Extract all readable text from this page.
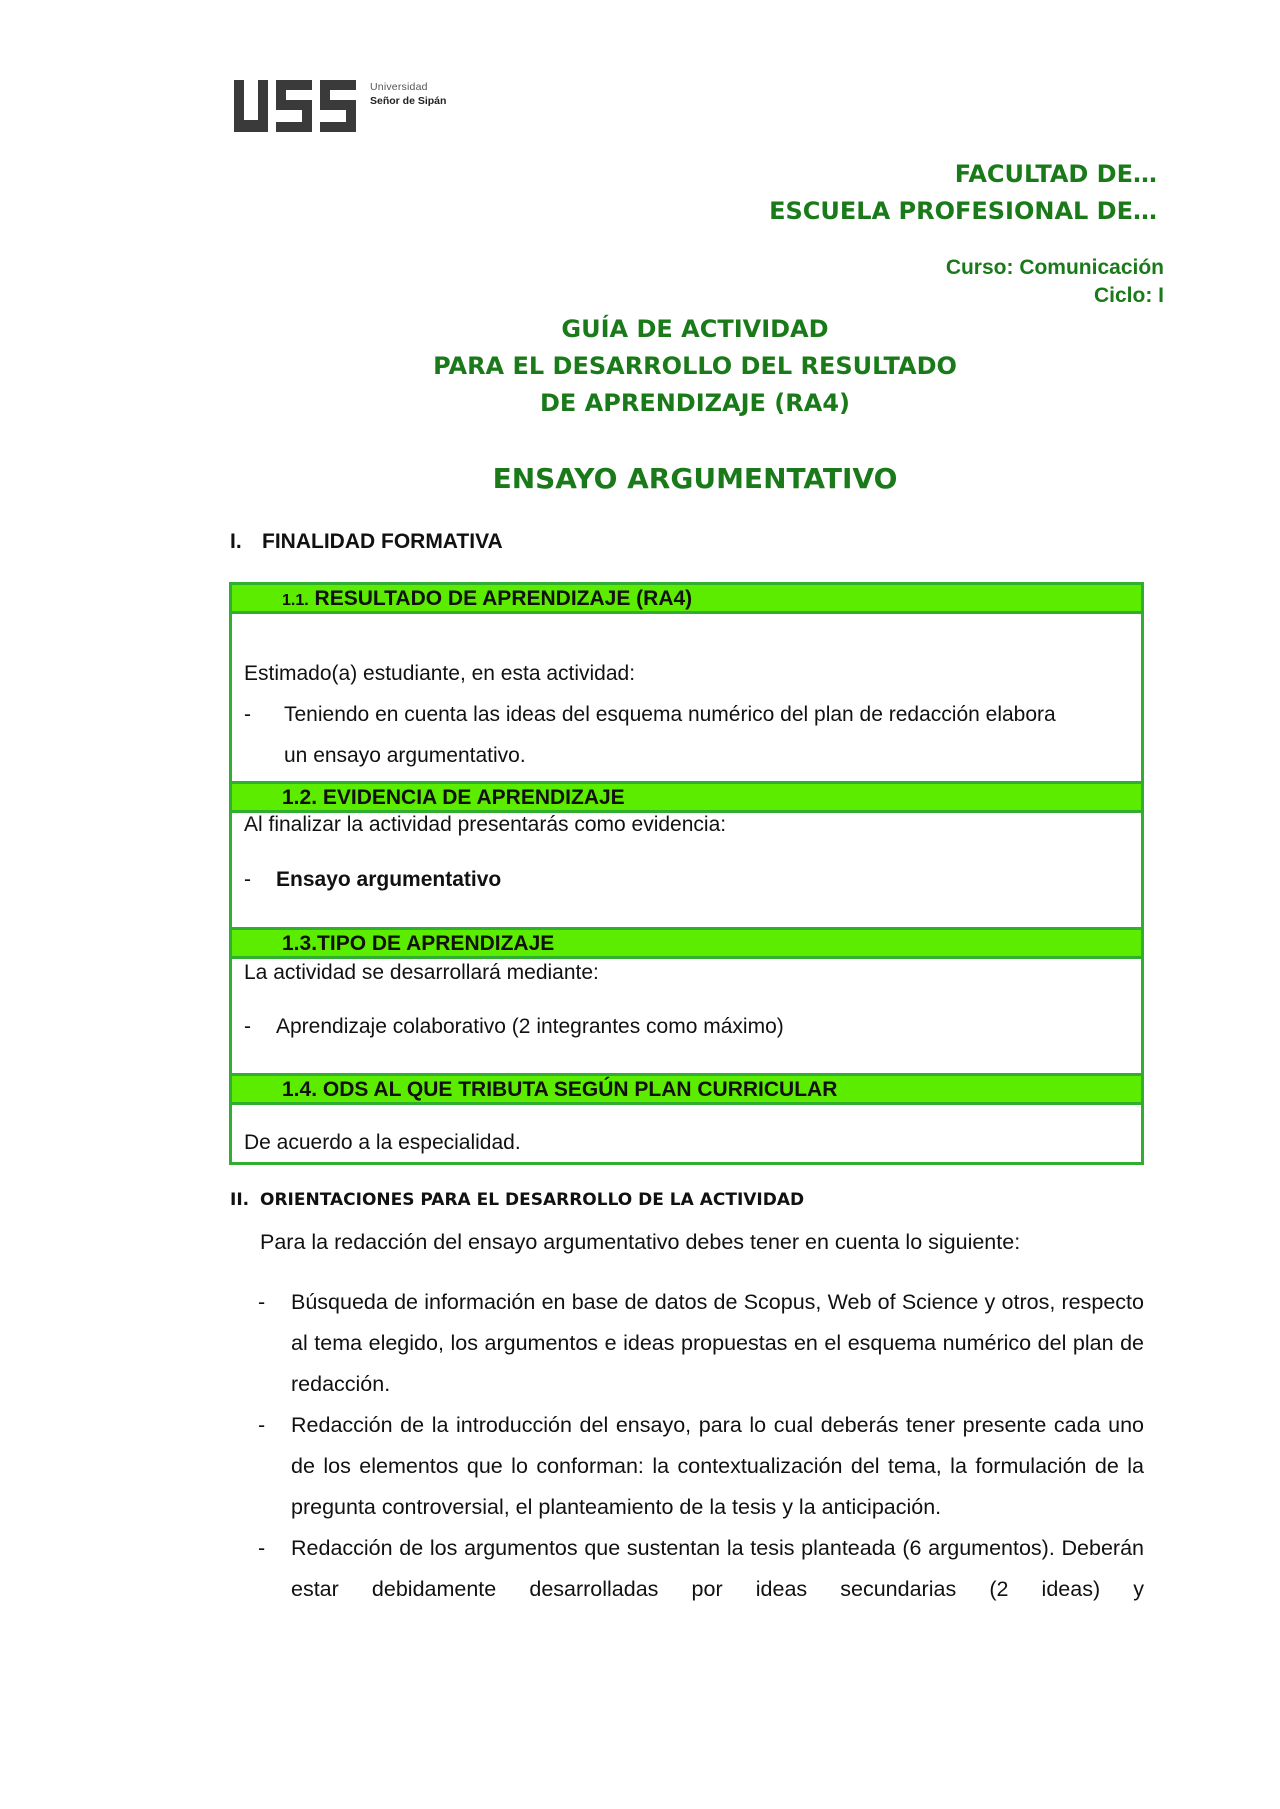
Universidad
Señor de Sipán
FACULTAD DE…
ESCUELA PROFESIONAL DE…
Curso: Comunicación
Ciclo: I
GUÍA DE ACTIVIDAD
PARA EL DESARROLLO DEL RESULTADO
DE APRENDIZAJE (RA4)
ENSAYO ARGUMENTATIVO
I. FINALIDAD FORMATIVA
1.1. RESULTADO DE APRENDIZAJE (RA4)
Estimado(a) estudiante, en esta actividad:
-	Teniendo en cuenta las ideas del esquema numérico del plan de redacción elabora
un ensayo argumentativo.
1.2. EVIDENCIA DE APRENDIZAJE
Al finalizar la actividad presentarás como evidencia:
- Ensayo argumentativo
1.3.TIPO DE APRENDIZAJE
La actividad se desarrollará mediante:
- Aprendizaje colaborativo (2 integrantes como máximo)
1.4. ODS AL QUE TRIBUTA SEGÚN PLAN CURRICULAR
De acuerdo a la especialidad.
II. ORIENTACIONES PARA EL DESARROLLO DE LA ACTIVIDAD
Para la redacción del ensayo argumentativo debes tener en cuenta lo siguiente:
-	Búsqueda de información en base de datos de Scopus, Web of Science y otros, respecto al tema elegido, los argumentos e ideas propuestas en el esquema numérico del plan de redacción.
-	Redacción de la introducción del ensayo, para lo cual deberás tener presente cada uno de los elementos que lo conforman: la contextualización del tema, la formulación de la pregunta controversial, el planteamiento de la tesis y la anticipación.
-	Redacción de los argumentos que sustentan la tesis planteada (6 argumentos). Deberán estar debidamente desarrolladas por ideas secundarias (2 ideas) y
